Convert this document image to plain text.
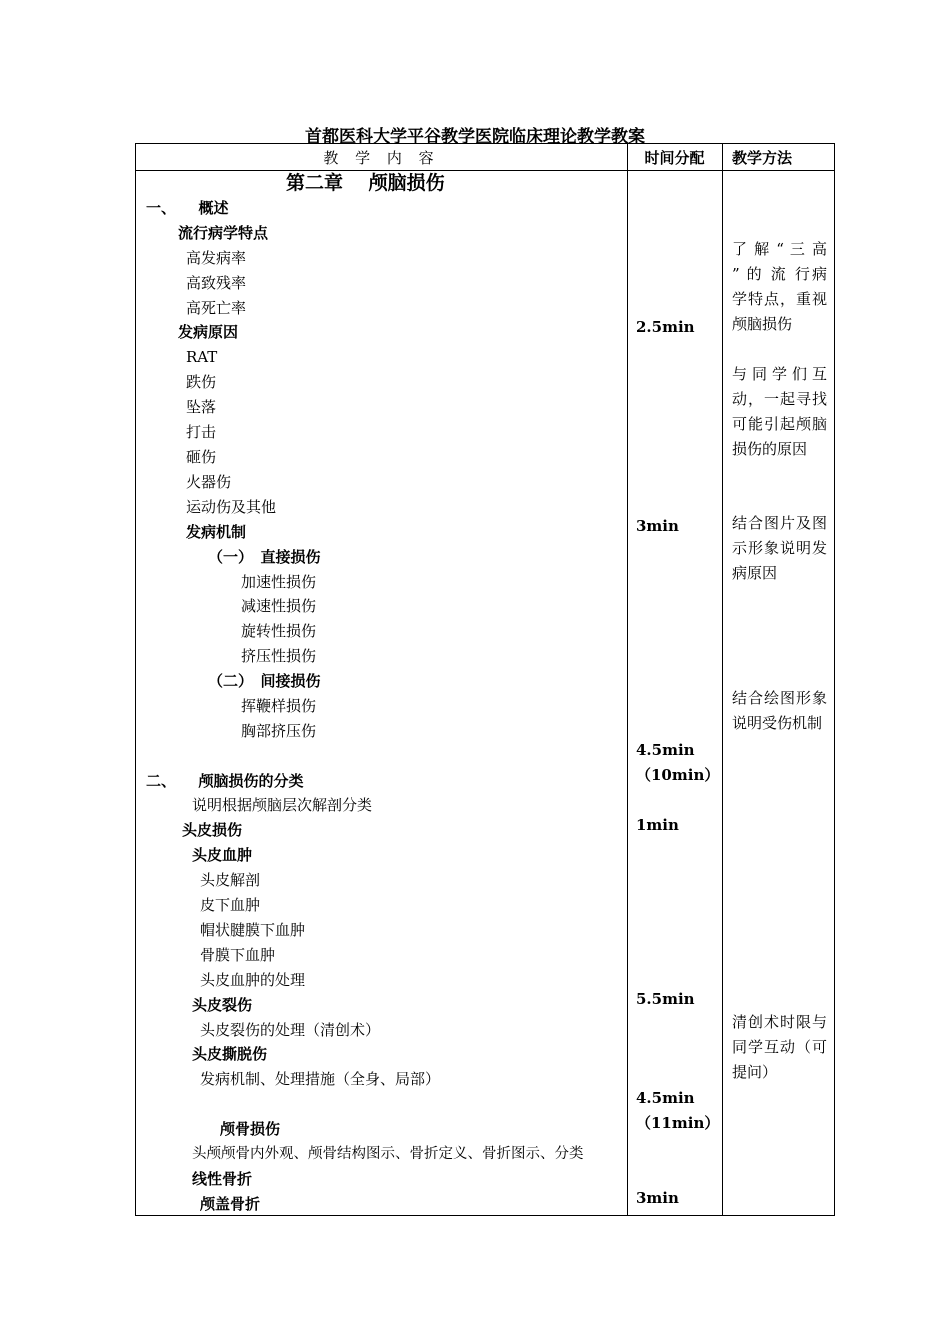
首都医科大学平谷教学医院临床理论教学教案
教 学 内 容	时间分配	教学方法
第二章　 颅脑损伤
一、　　概述
流行病学特点
高发病率
高致残率
高死亡率
发病原因
RAT
跌伤
坠落
打击
砸伤
火器伤
运动伤及其他
发病机制
（一）　直接损伤
加速性损伤
减速性损伤
旋转性损伤
挤压性损伤
（二）　间接损伤
挥鞭样损伤
胸部挤压伤
二、　　颅脑损伤的分类
说明根据颅脑层次解剖分类
头皮损伤
头皮血肿
头皮解剖
皮下血肿
帽状腱膜下血肿
骨膜下血肿
头皮血肿的处理
头皮裂伤
头皮裂伤的处理（清创术）
头皮撕脱伤
发病机制、处理措施（全身、局部）
颅骨损伤
头颅颅骨内外观、颅骨结构图示、骨折定义、骨折图示、分类
线性骨折
颅盖骨折
2.5min
3min
4.5min
（10min）
1min
5.5min
4.5min
（11min）
3min
了 解 “ 三 高 ” 的 流 行病学特点，重视颅脑损伤
与同学们互动，一起寻找可能引起颅脑损伤的原因
结合图片及图示形象说明发病原因
结合绘图形象说明受伤机制
清创术时限与同学互动（可提问）
